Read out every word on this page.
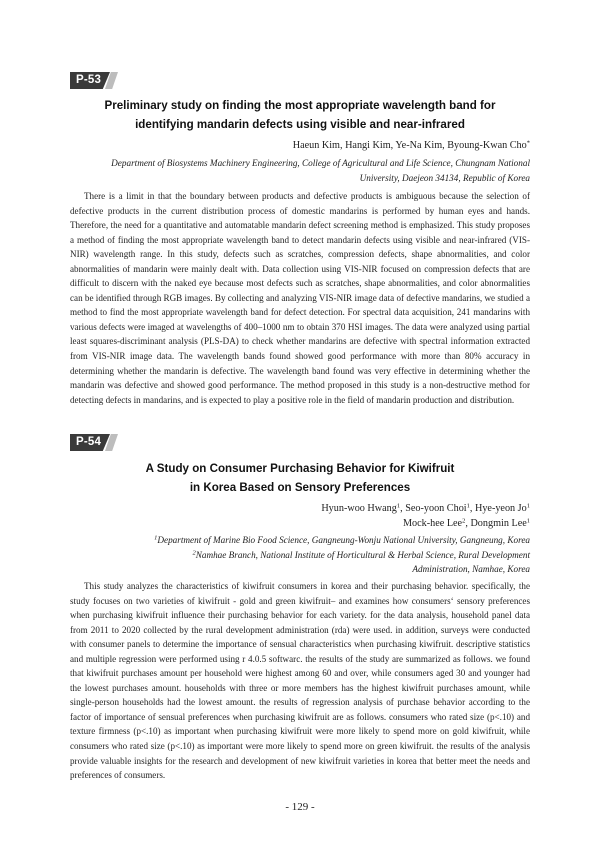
P-53
Preliminary study on finding the most appropriate wavelength band for
identifying mandarin defects using visible and near-infrared
Haeun Kim, Hangi Kim, Ye-Na Kim, Byoung-Kwan Cho*
Department of Biosystems Machinery Engineering, College of Agricultural and Life Science, Chungnam National
University, Daejeon 34134, Republic of Korea

There is a limit in that the boundary between products and defective products is ambiguous because the selection of defective products in the current distribution process of domestic mandarins is performed by human eyes and hands. Therefore, the need for a quantitative and automatable mandarin defect screening method is emphasized. This study proposes a method of finding the most appropriate wavelength band to detect mandarin defects using visible and near-infrared (VIS-NIR) wavelength range. In this study, defects such as scratches, compression defects, shape abnormalities, and color abnormalities of mandarin were mainly dealt with. Data collection using VIS-NIR focused on compression defects that are difficult to discern with the naked eye because most defects such as scratches, shape abnormalities, and color abnormalities can be identified through RGB images. By collecting and analyzing VIS-NIR image data of defective mandarins, we studied a method to find the most appropriate wavelength band for defect detection. For spectral data acquisition, 241 mandarins with various defects were imaged at wavelengths of 400–1000 nm to obtain 370 HSI images. The data were analyzed using partial least squares-discriminant analysis (PLS-DA) to check whether mandarins are defective with spectral information extracted from VIS-NIR image data. The wavelength bands found showed good performance with more than 80% accuracy in determining whether the mandarin is defective. The wavelength band found was very effective in determining whether the mandarin was defective and showed good performance. The method proposed in this study is a non-destructive method for detecting defects in mandarins, and is expected to play a positive role in the field of mandarin production and distribution.

P-54
A Study on Consumer Purchasing Behavior for Kiwifruit
in Korea Based on Sensory Preferences
Hyun-woo Hwang$^1$, Seo-yoon Choi$^1$, Hye-yeon Jo$^1$
Mock-hee Lee$^2$, Dongmin Lee$^1$
$^1$Department of Marine Bio Food Science, Gangneung-Wonju National University, Gangneung, Korea
$^2$Namhae Branch, National Institute of Horticultural & Herbal Science, Rural Development
Administration, Namhae, Korea

This study analyzes the characteristics of kiwifruit consumers in korea and their purchasing behavior. specifically, the study focuses on two varieties of kiwifruit - gold and green kiwifruit– and examines how consumers‘ sensory preferences when purchasing kiwifruit influence their purchasing behavior for each variety. for the data analysis, household panel data from 2011 to 2020 collected by the rural development administration (rda) were used. in addition, surveys were conducted with consumer panels to determine the importance of sensual characteristics when purchasing kiwifruit. descriptive statistics and multiple regression were performed using r 4.0.5 softwarc. the results of the study are summarized as follows. we found that kiwifruit purchases amount per household were highest among 60 and over, while consumers aged 30 and younger had the lowest purchases amount. households with three or more members has the highest kiwifruit purchases amount, while single-person households had the lowest amount. the results of regression analysis of purchase behavior according to the factor of importance of sensual preferences when purchasing kiwifruit are as follows. consumers who rated size (p<.10) and texture firmness (p<.10) as important when purchasing kiwifruit were more likely to spend more on gold kiwifruit, while consumers who rated size (p<.10) as important were more likely to spend more on green kiwifruit. the results of the analysis provide valuable insights for the research and development of new kiwifruit varieties in korea that better meet the needs and preferences of consumers.

- 129 -
